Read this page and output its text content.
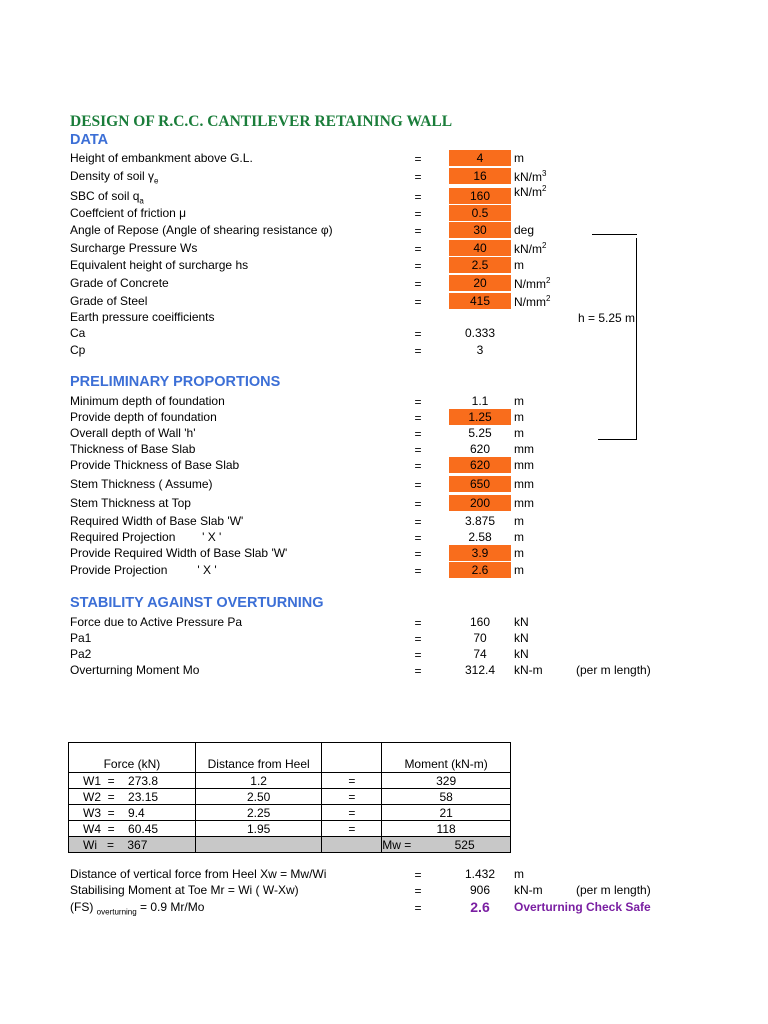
DESIGN OF R.C.C. CANTILEVER RETAINING WALL
DATA
Height of embankment above G.L.	=	4	m
Density of soil $\gamma_e$	=	16	$kN/m^3$
SBC of soil $q_a$	=	160	$kN/m^2$
Coeffcient of friction μ	=	0.5
Angle of Repose (Angle of shearing resistance φ)	=	30	deg
Surcharge Pressure Ws	=	40	$kN/m^2$
Equivalent height of surcharge hs	=	2.5	m
Grade of Concrete	=	20	$N/mm^2$
Grade of Steel	=	415	$N/mm^2$
Earth pressure coeifficients
Ca	=	0.333
Cp	=	3
h = 5.25 m
PRELIMINARY PROPORTIONS
Minimum depth of foundation	=	1.1	m
Provide depth of foundation	=	1.25	m
Overall depth of Wall 'h'	=	5.25	m
Thickness of Base Slab	=	620	mm
Provide Thickness of Base Slab	=	620	mm
Stem Thickness ( Assume)	=	650	mm
Stem Thickness at Top	=	200	mm
Required Width of Base Slab 'W'	=	3.875	m
Required Projection        ' X '	=	2.58	m
Provide Required Width of Base Slab 'W'	=	3.9	m
Provide Projection         ' X '	=	2.6	m
STABILITY AGAINST OVERTURNING
Force due to Active Pressure Pa	=	160	kN
Pa1	=	70	kN
Pa2	=	74	kN
Overturning Moment Mo	=	312.4	kN-m	(per m length)
Force (kN)	Distance from Heel		Moment (kN-m)
W1 = 273.8	1.2	=	329
W2 = 23.15	2.50	=	58
W3 = 9.4	2.25	=	21
W4 = 60.45	1.95	=	118
Wi = 367			Mw = 525
Distance of vertical force from Heel Xw = Mw/Wi	=	1.432	m
Stabilising Moment at Toe Mr = Wi ( W-Xw)	=	906	kN-m	(per m length)
(FS) $_{overturning}$ = 0.9 Mr/Mo	=	2.6	Overturning Check Safe
